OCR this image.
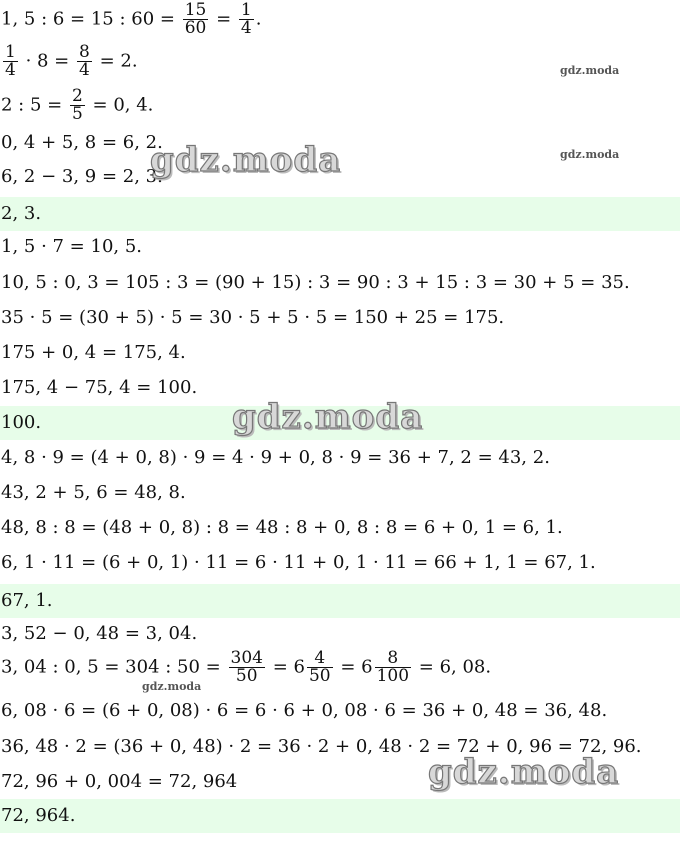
1, 5 : 6 = 15 : $60 = \frac{15}{60} = \frac{1}{4}$ .
$\frac{1}{4} \cdot 8 = \frac{8}{4} = 2$.
2 : $5 = \frac{2}{5} = 0$, 4.
0, 4 + 5, 8 = 6, 2.
6, 2 − 3, 9 = 2, 3.
2, 3.
1, 5 · 7 = 10, 5.
10, 5 : 0, 3 = 105 : 3 = (90 + 15) : 3 = 90 : 3 + 15 : 3 = 30 + 5 = 35.
35 · 5 = (30 + 5) · 5 = 30 · 5 + 5 · 5 = 150 + 25 = 175.
175 + 0, 4 = 175, 4.
175, 4 − 75, 4 = 100.
100.
4, 8 · 9 = (4 + 0, 8) · 9 = 4 · 9 + 0, 8 · 9 = 36 + 7, 2 = 43, 2.
43, 2 + 5, 6 = 48, 8.
48, 8 : 8 = (48 + 0, 8) : 8 = 48 : 8 + 0, 8 : 8 = 6 + 0, 1 = 6, 1.
6, 1 · 11 = (6 + 0, 1) · 11 = 6 · 11 + 0, 1 · 11 = 66 + 1, 1 = 67, 1.
67, 1.
3, 52 − 0, 48 = 3, 04.
3, 04 : 0, 5 = 304 : $50 = \frac{304}{50} = 6 \frac{4}{50} = 6 \frac{8}{100} = 6$, 08.
6, 08 · 6 = (6 + 0, 08) · 6 = 6 · 6 + 0, 08 · 6 = 36 + 0, 48 = 36, 48.
36, 48 · 2 = (36 + 0, 48) · 2 = 36 · 2 + 0, 48 · 2 = 72 + 0, 96 = 72, 96.
72, 96 + 0, 004 = 72, 964
72, 964.
gdz.moda
gdz.moda
gdz.moda
gdz.moda
gdz.moda
gdz.moda
